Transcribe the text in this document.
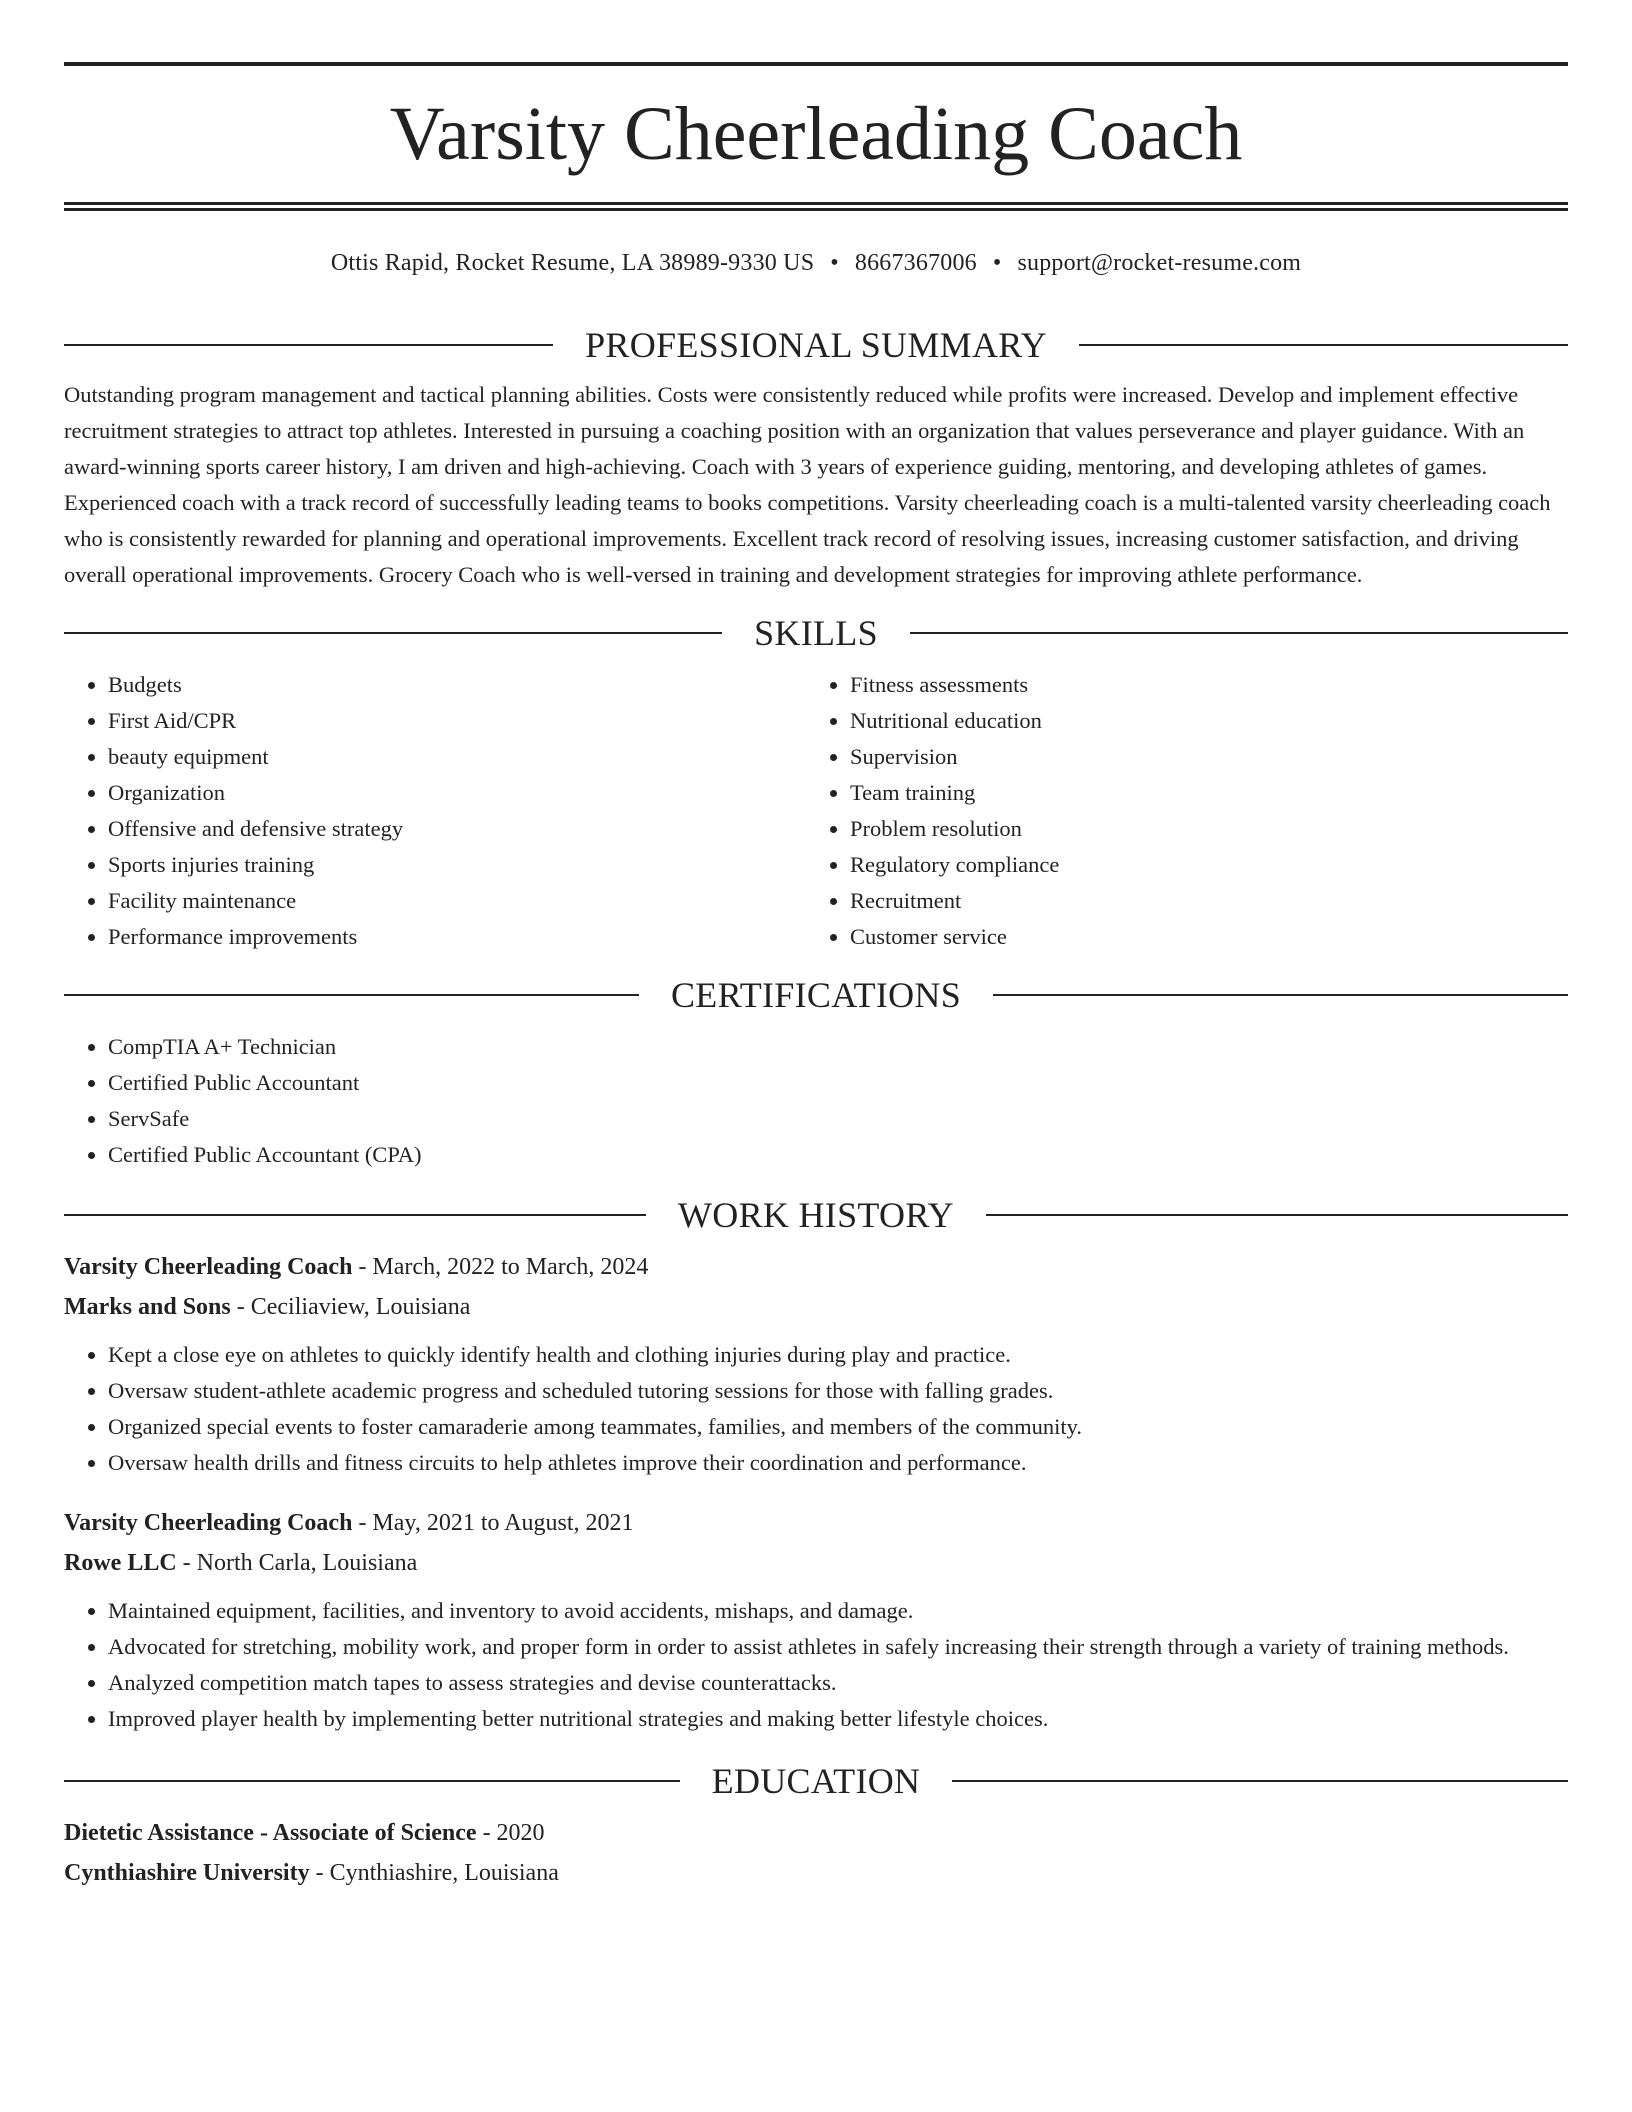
Varsity Cheerleading Coach
Ottis Rapid, Rocket Resume, LA 38989-9330 US • 8667367006 • support@rocket-resume.com
PROFESSIONAL SUMMARY

Outstanding program management and tactical planning abilities. Costs were consistently reduced while profits were increased. Develop and implement effective recruitment strategies to attract top athletes. Interested in pursuing a coaching position with an organization that values perseverance and player guidance. With an award-winning sports career history, I am driven and high-achieving. Coach with 3 years of experience guiding, mentoring, and developing athletes of games. Experienced coach with a track record of successfully leading teams to books competitions. Varsity cheerleading coach is a multi-talented varsity cheerleading coach who is consistently rewarded for planning and operational improvements. Excellent track record of resolving issues, increasing customer satisfaction, and driving overall operational improvements. Grocery Coach who is well-versed in training and development strategies for improving athlete performance.

SKILLS
• Budgets
• First Aid/CPR
• beauty equipment
• Organization
• Offensive and defensive strategy
• Sports injuries training
• Facility maintenance
• Performance improvements
• Fitness assessments
• Nutritional education
• Supervision
• Team training
• Problem resolution
• Regulatory compliance
• Recruitment
• Customer service
CERTIFICATIONS
• CompTIA A+ Technician
• Certified Public Accountant
• ServSafe
• Certified Public Accountant (CPA)
WORK HISTORY
Varsity Cheerleading Coach - March, 2022 to March, 2024
Marks and Sons - Ceciliaview, Louisiana
• Kept a close eye on athletes to quickly identify health and clothing injuries during play and practice.
• Oversaw student-athlete academic progress and scheduled tutoring sessions for those with falling grades.
• Organized special events to foster camaraderie among teammates, families, and members of the community.
• Oversaw health drills and fitness circuits to help athletes improve their coordination and performance.
Varsity Cheerleading Coach - May, 2021 to August, 2021
Rowe LLC - North Carla, Louisiana
• Maintained equipment, facilities, and inventory to avoid accidents, mishaps, and damage.
• Advocated for stretching, mobility work, and proper form in order to assist athletes in safely increasing their strength through a variety of training methods.
• Analyzed competition match tapes to assess strategies and devise counterattacks.
• Improved player health by implementing better nutritional strategies and making better lifestyle choices.
EDUCATION
Dietetic Assistance - Associate of Science - 2020
Cynthiashire University - Cynthiashire, Louisiana
